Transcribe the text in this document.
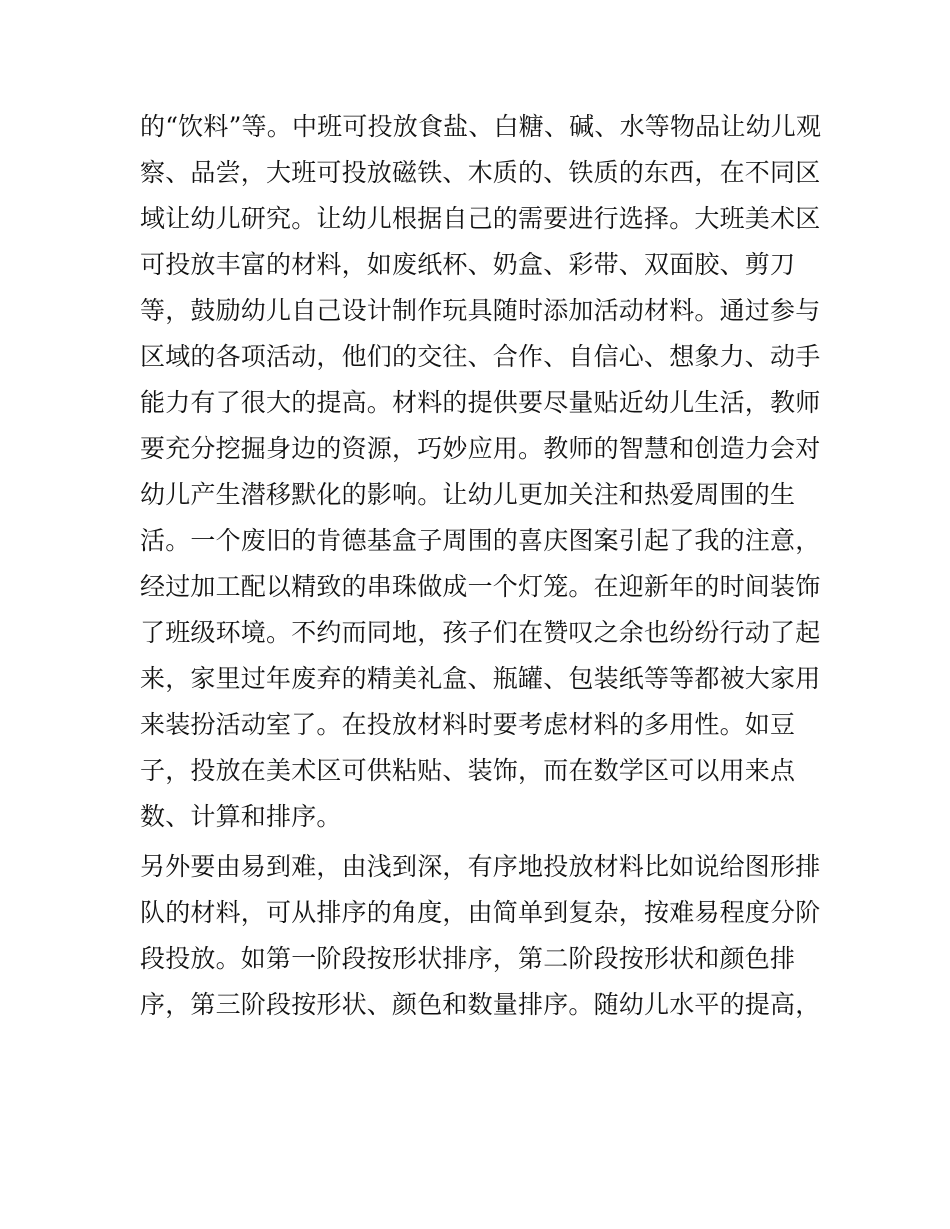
的“饮料”等。中班可投放食盐、白糖、碱、水等物品让幼儿观
察、品尝，大班可投放磁铁、木质的、铁质的东西，在不同区
域让幼儿研究。让幼儿根据自己的需要进行选择。大班美术区
可投放丰富的材料，如废纸杯、奶盒、彩带、双面胶、剪刀
等，鼓励幼儿自己设计制作玩具随时添加活动材料。通过参与
区域的各项活动，他们的交往、合作、自信心、想象力、动手
能力有了很大的提高。材料的提供要尽量贴近幼儿生活，教师
要充分挖掘身边的资源，巧妙应用。教师的智慧和创造力会对
幼儿产生潜移默化的影响。让幼儿更加关注和热爱周围的生
活。一个废旧的肯德基盒子周围的喜庆图案引起了我的注意，
经过加工配以精致的串珠做成一个灯笼。在迎新年的时间装饰
了班级环境。不约而同地，孩子们在赞叹之余也纷纷行动了起
来，家里过年废弃的精美礼盒、瓶罐、包装纸等等都被大家用
来装扮活动室了。在投放材料时要考虑材料的多用性。如豆
子，投放在美术区可供粘贴、装饰，而在数学区可以用来点
数、计算和排序。
另外要由易到难，由浅到深，有序地投放材料比如说给图形排
队的材料，可从排序的角度，由简单到复杂，按难易程度分阶
段投放。如第一阶段按形状排序，第二阶段按形状和颜色排
序，第三阶段按形状、颜色和数量排序。随幼儿水平的提高，
